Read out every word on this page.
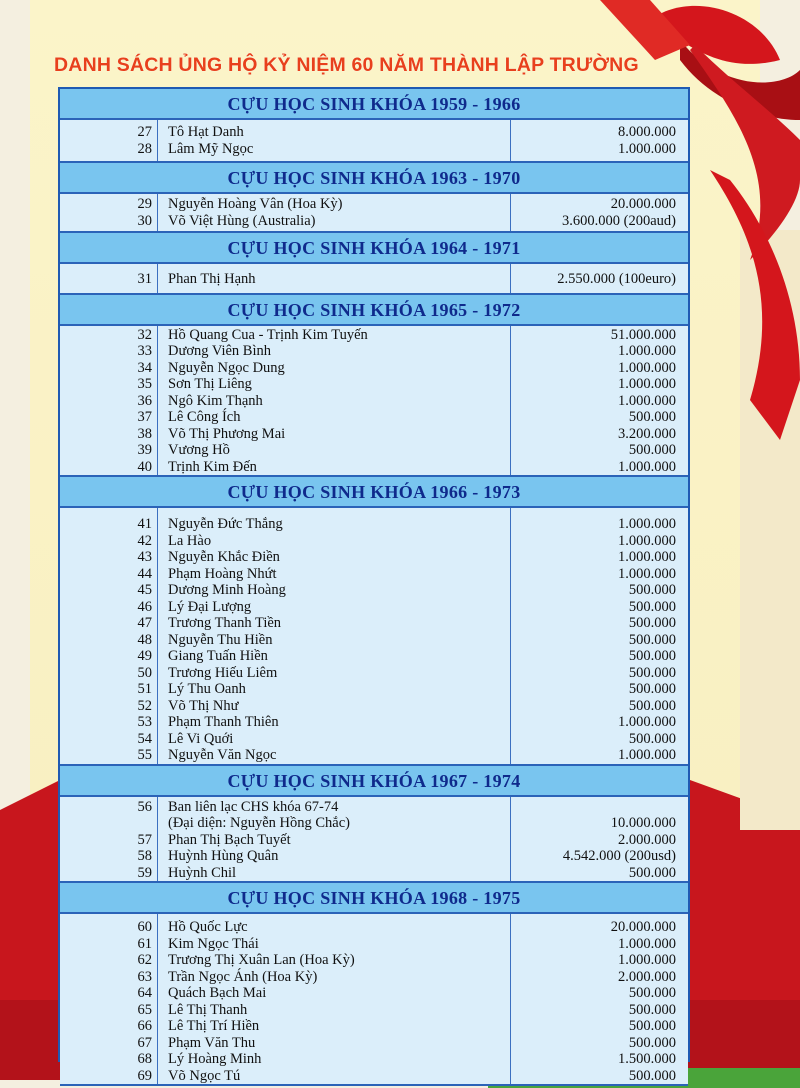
DANH SÁCH ỦNG HỘ KỶ NIỆM 60 NĂM THÀNH LẬP TRƯỜNG
CỰU HỌC SINH KHÓA 1959 - 1966
27 Tô Hạt Danh	8.000.000
28 Lâm Mỹ Ngọc	1.000.000
CỰU HỌC SINH KHÓA 1963 - 1970
29 Nguyễn Hoàng Vân (Hoa Kỳ)	20.000.000
30 Võ Việt Hùng (Australia)	3.600.000 (200aud)
CỰU HỌC SINH KHÓA 1964 - 1971
31 Phan Thị Hạnh	2.550.000 (100euro)
CỰU HỌC SINH KHÓA 1965 - 1972
32 Hồ Quang Cua - Trịnh Kim Tuyến	51.000.000
33 Dương Viên Bình	1.000.000
34 Nguyễn Ngọc Dung	1.000.000
35 Sơn Thị Liêng	1.000.000
36 Ngô Kim Thạnh	1.000.000
37 Lê Công Ích	500.000
38 Võ Thị Phương Mai	3.200.000
39 Vương Hồ	500.000
40 Trịnh Kim Đến	1.000.000
CỰU HỌC SINH KHÓA 1966 - 1973
41 Nguyễn Đức Thắng	1.000.000
42 La Hào	1.000.000
43 Nguyễn Khắc Điền	1.000.000
44 Phạm Hoàng Nhứt	1.000.000
45 Dương Minh Hoàng	500.000
46 Lý Đại Lượng	500.000
47 Trương Thanh Tiền	500.000
48 Nguyễn Thu Hiền	500.000
49 Giang Tuấn Hiền	500.000
50 Trương Hiếu Liêm	500.000
51 Lý Thu Oanh	500.000
52 Võ Thị Như	500.000
53 Phạm Thanh Thiên	1.000.000
54 Lê Vi Quới	500.000
55 Nguyễn Văn Ngọc	1.000.000
CỰU HỌC SINH KHÓA 1967 - 1974
56 Ban liên lạc CHS khóa 67-74
(Đại diện: Nguyễn Hồng Chắc)	10.000.000
57 Phan Thị Bạch Tuyết	2.000.000
58 Huỳnh Hùng Quân	4.542.000 (200usd)
59 Huỳnh Chil	500.000
CỰU HỌC SINH KHÓA 1968 - 1975
60 Hồ Quốc Lực	20.000.000
61 Kim Ngọc Thái	1.000.000
62 Trương Thị Xuân Lan (Hoa Kỳ)	1.000.000
63 Trần Ngọc Ánh (Hoa Kỳ)	2.000.000
64 Quách Bạch Mai	500.000
65 Lê Thị Thanh	500.000
66 Lê Thị Trí Hiền	500.000
67 Phạm Văn Thu	500.000
68 Lý Hoàng Minh	1.500.000
69 Võ Ngọc Tú	500.000
